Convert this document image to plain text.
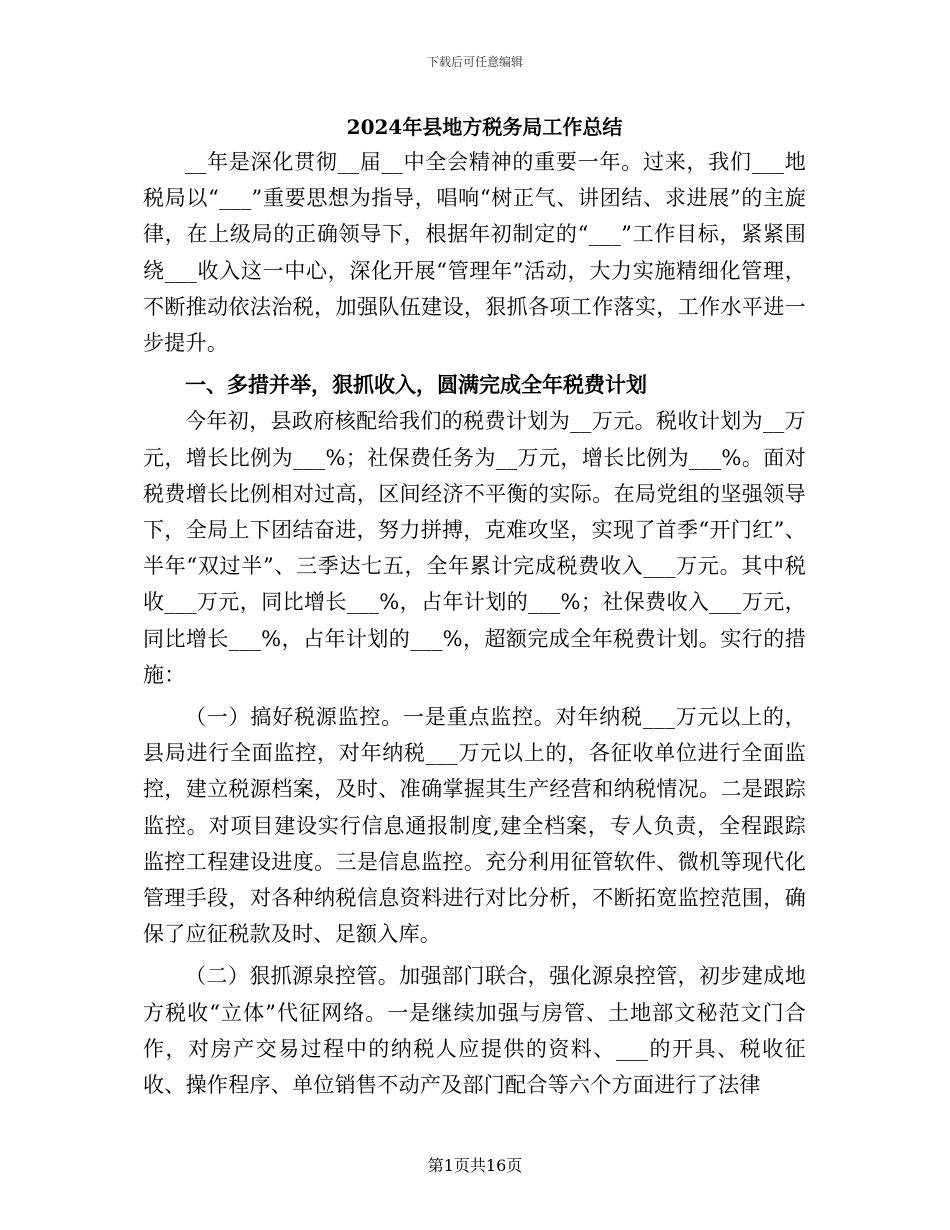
下载后可任意编辑
2024年县地方税务局工作总结

__年是深化贯彻__届__中全会精神的重要一年。过来，我们___地税局以“___”重要思想为指导，唱响“树正气、讲团结、求进展”的主旋律，在上级局的正确领导下，根据年初制定的“___”工作目标，紧紧围绕___收入这一中心，深化开展“管理年”活动，大力实施精细化管理，不断推动依法治税，加强队伍建设，狠抓各项工作落实，工作水平进一步提升。

一、多措并举，狠抓收入，圆满完成全年税费计划

今年初，县政府核配给我们的税费计划为__万元。税收计划为__万元，增长比例为___%；社保费任务为__万元，增长比例为___%。面对税费增长比例相对过高，区间经济不平衡的实际。在局党组的坚强领导下，全局上下团结奋进，努力拼搏，克难攻坚，实现了首季“开门红”、半年“双过半”、三季达七五，全年累计完成税费收入___万元。其中税收___万元，同比增长___%，占年计划的___%；社保费收入___万元，同比增长___%，占年计划的___%，超额完成全年税费计划。实行的措施：

（一）搞好税源监控。一是重点监控。对年纳税___万元以上的，县局进行全面监控，对年纳税___万元以上的，各征收单位进行全面监控，建立税源档案，及时、准确掌握其生产经营和纳税情况。二是跟踪监控。对项目建设实行信息通报制度,建全档案，专人负责，全程跟踪监控工程建设进度。三是信息监控。充分利用征管软件、微机等现代化管理手段，对各种纳税信息资料进行对比分析，不断拓宽监控范围，确保了应征税款及时、足额入库。

（二）狠抓源泉控管。加强部门联合，强化源泉控管，初步建成地方税收“立体”代征网络。一是继续加强与房管、土地部文秘范文门合作，对房产交易过程中的纳税人应提供的资料、___的开具、税收征收、操作程序、单位销售不动产及部门配合等六个方面进行了法律

第1页共16页
